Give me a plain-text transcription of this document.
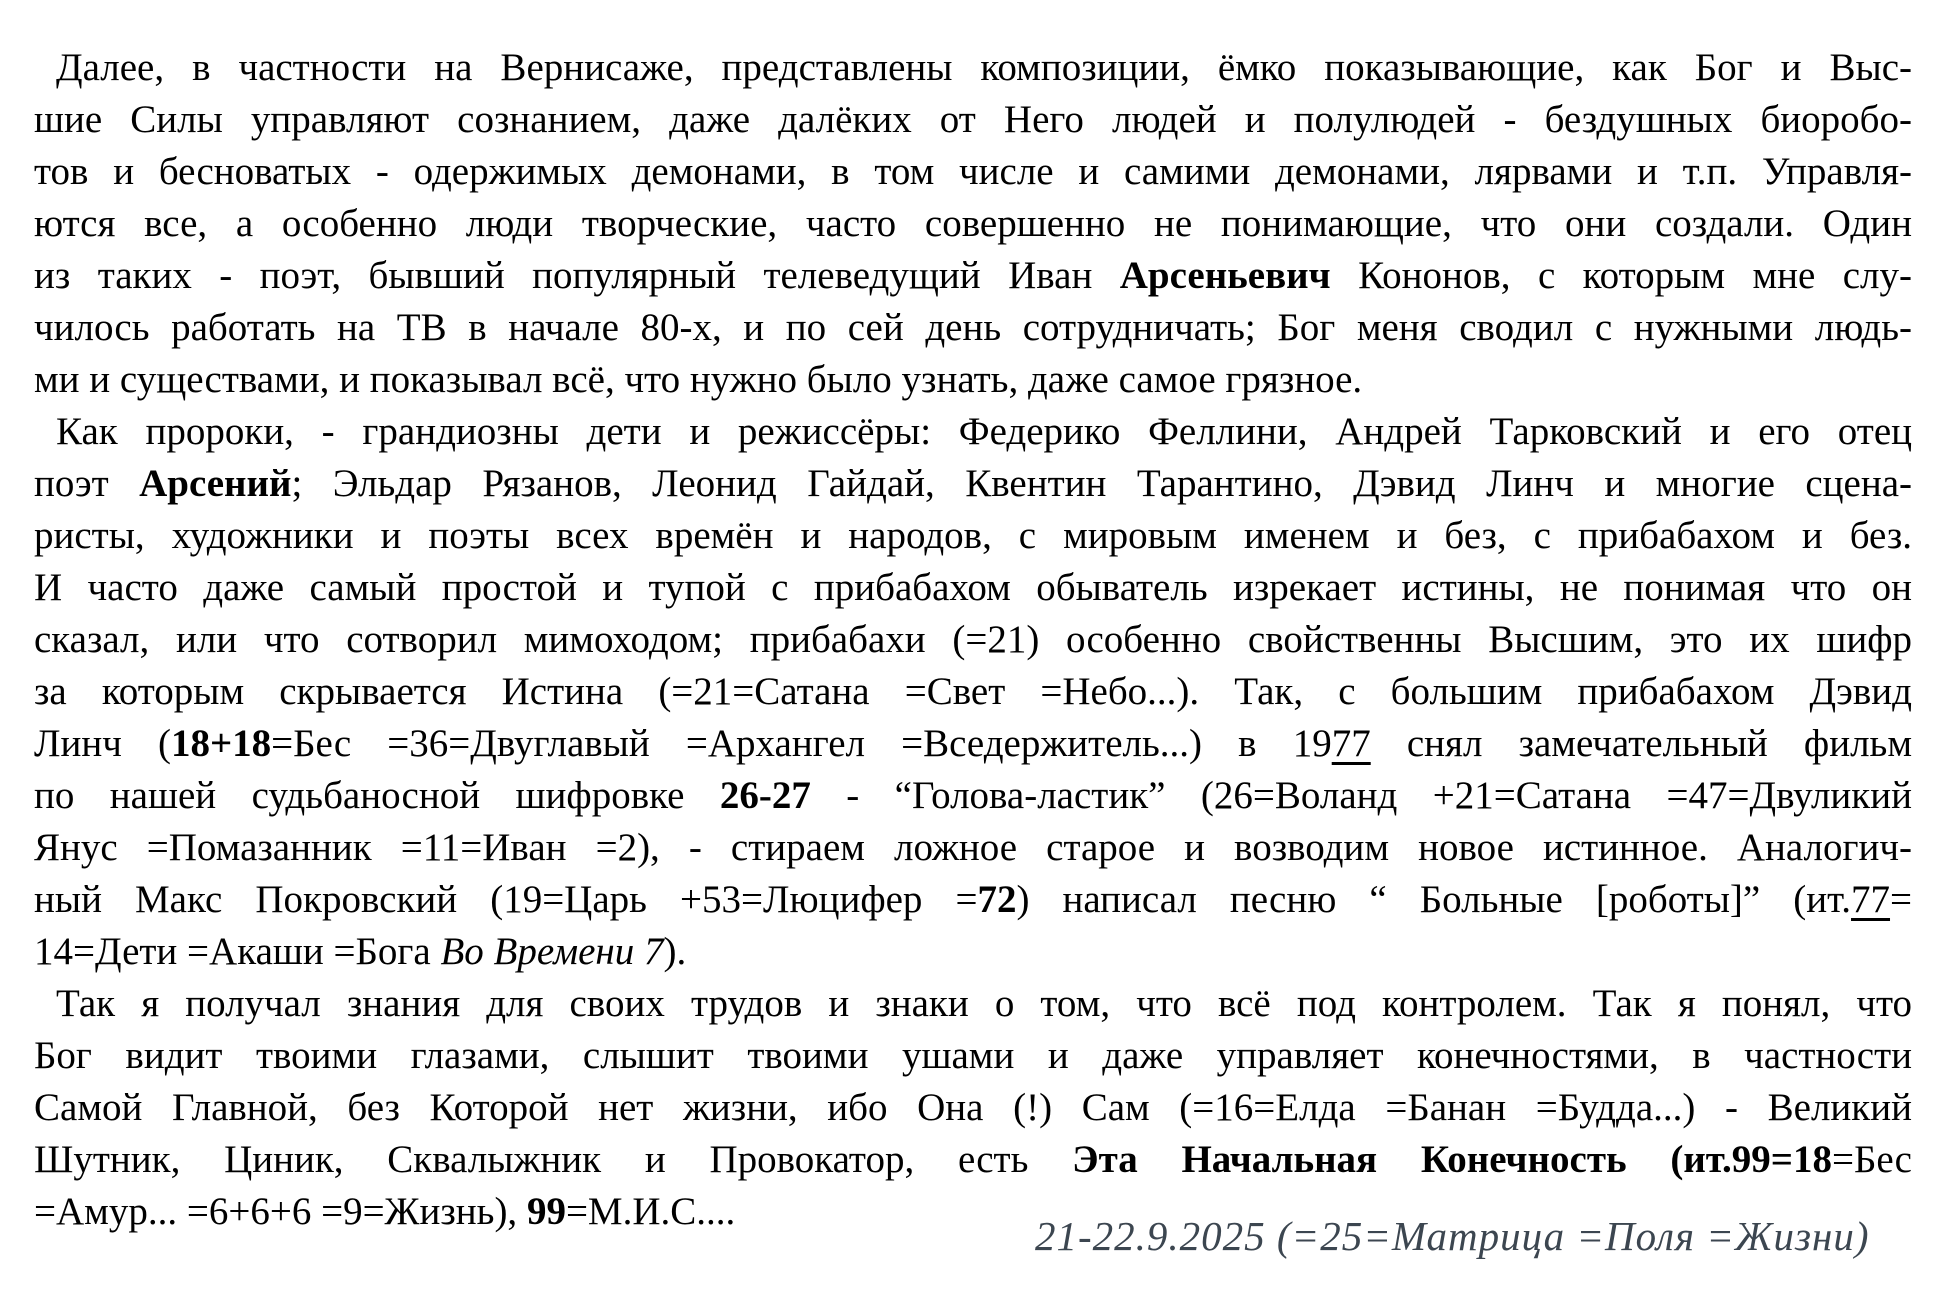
Далее, в частности на Вернисаже, представлены композиции, ёмко показывающие, как Бог и Выс-
шие Силы управляют сознанием, даже далёких от Него людей и полулюдей - бездушных биоробо-
тов и бесноватых - одержимых демонами, в том числе и самими демонами, лярвами и т.п. Управля-
ются все, а особенно люди творческие, часто совершенно не понимающие, что они создали. Один
из таких - поэт, бывший популярный телеведущий Иван Арсеньевич Кононов, с которым мне слу-
чилось работать на ТВ в начале 80-х, и по сей день сотрудничать; Бог меня сводил с нужными людь-
ми и существами, и показывал всё, что нужно было узнать, даже самое грязное.
Как пророки, - грандиозны дети и режиссёры: Федерико Феллини, Андрей Тарковский и его отец
поэт Арсений; Эльдар Рязанов, Леонид Гайдай, Квентин Тарантино, Дэвид Линч и многие сцена-
ристы, художники и поэты всех времён и народов, с мировым именем и без, с прибабахом и без.
И часто даже самый простой и тупой с прибабахом обыватель изрекает истины, не понимая что он
сказал, или что сотворил мимоходом; прибабахи (=21) особенно свойственны Высшим, это их шифр
за которым скрывается Истина (=21=Сатана =Свет =Небо...). Так, с большим прибабахом Дэвид
Линч (18+18=Бес =36=Двуглавый =Архангел =Вседержитель...) в 1977 снял замечательный фильм
по нашей судьбаносной шифровке 26-27 - “Голова-ластик” (26=Воланд +21=Сатана =47=Двуликий
Янус =Помазанник =11=Иван =2), - стираем ложное старое и возводим новое истинное. Аналогич-
ный Макс Покровский (19=Царь +53=Люцифер =72) написал песню “ Больные [роботы]” (ит.77=
14=Дети =Акаши =Бога Во Времени 7).
Так я получал знания для своих трудов и знаки о том, что всё под контролем. Так я понял, что
Бог видит твоими глазами, слышит твоими ушами и даже управляет конечностями, в частности
Самой Главной, без Которой нет жизни, ибо Она (!) Сам (=16=Елда =Банан =Будда...) - Великий
Шутник, Циник, Сквалыжник и Провокатор, есть Эта Начальная Конечность (ит.99=18=Бес
=Амур... =6+6+6 =9=Жизнь), 99=М.И.С....
21-22.9.2025 (=25=Матрица =Поля =Жизни)
